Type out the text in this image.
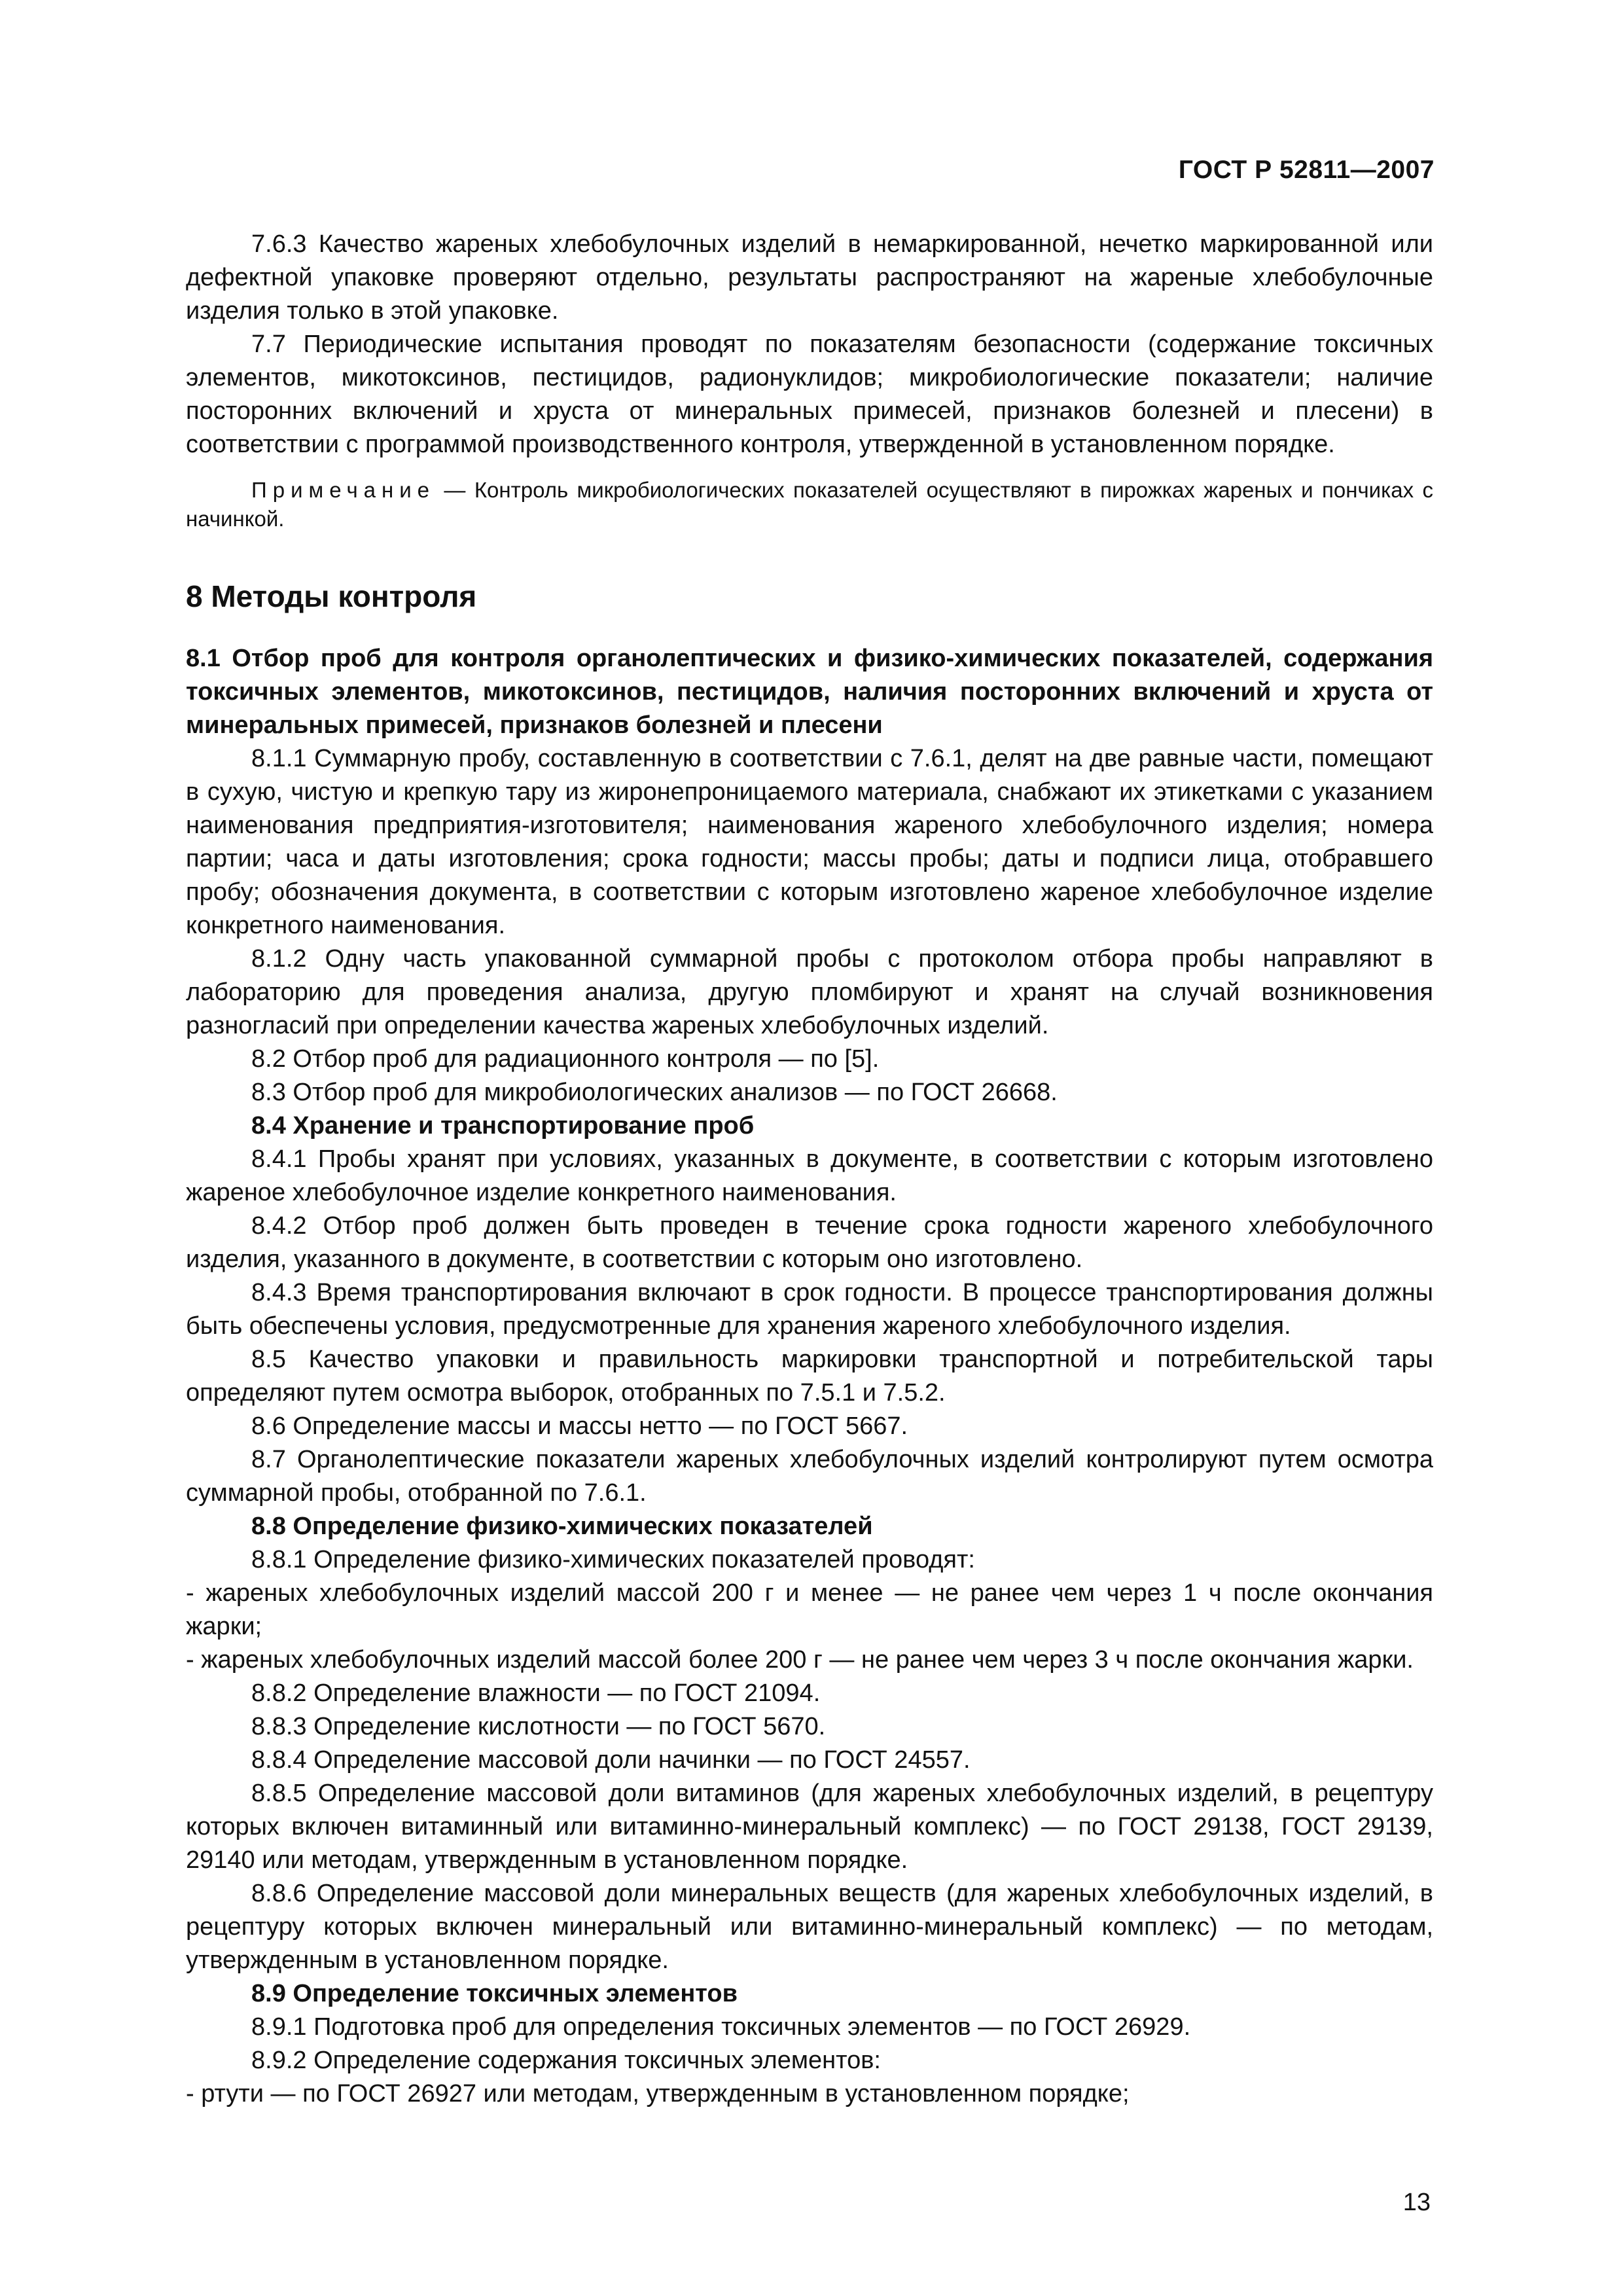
ГОСТ Р 52811—2007

7.6.3 Качество жареных хлебобулочных изделий в немаркированной, нечетко маркированной или дефектной упаковке проверяют отдельно, результаты распространяют на жареные хлебобулочные изделия только в этой упаковке.

7.7 Периодические испытания проводят по показателям безопасности (содержание токсичных элементов, микотоксинов, пестицидов, радионуклидов; микробиологические показатели; наличие посторонних включений и хруста от минеральных примесей, признаков болезней и плесени) в соответствии с программой производственного контроля, утвержденной в установленном порядке.

Примечание — Контроль микробиологических показателей осуществляют в пирожках жареных и пончиках с начинкой.

8 Методы контроля

8.1 Отбор проб для контроля органолептических и физико-химических показателей, содержания токсичных элементов, микотоксинов, пестицидов, наличия посторонних включений и хруста от минеральных примесей, признаков болезней и плесени

8.1.1 Суммарную пробу, составленную в соответствии с 7.6.1, делят на две равные части, помещают в сухую, чистую и крепкую тару из жиронепроницаемого материала, снабжают их этикетками с указанием наименования предприятия-изготовителя; наименования жареного хлебобулочного изделия; номера партии; часа и даты изготовления; срока годности; массы пробы; даты и подписи лица, отобравшего пробу; обозначения документа, в соответствии с которым изготовлено жареное хлебобулочное изделие конкретного наименования.

8.1.2 Одну часть упакованной суммарной пробы с протоколом отбора пробы направляют в лабораторию для проведения анализа, другую пломбируют и хранят на случай возникновения разногласий при определении качества жареных хлебобулочных изделий.

8.2 Отбор проб для радиационного контроля — по [5].

8.3 Отбор проб для микробиологических анализов — по ГОСТ 26668.

8.4 Хранение и транспортирование проб

8.4.1 Пробы хранят при условиях, указанных в документе, в соответствии с которым изготовлено жареное хлебобулочное изделие конкретного наименования.

8.4.2 Отбор проб должен быть проведен в течение срока годности жареного хлебобулочного изделия, указанного в документе, в соответствии с которым оно изготовлено.

8.4.3 Время транспортирования включают в срок годности. В процессе транспортирования должны быть обеспечены условия, предусмотренные для хранения жареного хлебобулочного изделия.

8.5 Качество упаковки и правильность маркировки транспортной и потребительской тары определяют путем осмотра выборок, отобранных по 7.5.1 и 7.5.2.

8.6 Определение массы и массы нетто — по ГОСТ 5667.

8.7 Органолептические показатели жареных хлебобулочных изделий контролируют путем осмотра суммарной пробы, отобранной по 7.6.1.

8.8 Определение физико-химических показателей

8.8.1 Определение физико-химических показателей проводят:

- жареных хлебобулочных изделий массой 200 г и менее — не ранее чем через 1 ч после окончания жарки;

- жареных хлебобулочных изделий массой более 200 г — не ранее чем через 3 ч после окончания жарки.

8.8.2 Определение влажности — по ГОСТ 21094.

8.8.3 Определение кислотности — по ГОСТ 5670.

8.8.4 Определение массовой доли начинки — по ГОСТ 24557.

8.8.5 Определение массовой доли витаминов (для жареных хлебобулочных изделий, в рецептуру которых включен витаминный или витаминно-минеральный комплекс) — по ГОСТ 29138, ГОСТ 29139, 29140 или методам, утвержденным в установленном порядке.

8.8.6 Определение массовой доли минеральных веществ (для жареных хлебобулочных изделий, в рецептуру которых включен минеральный или витаминно-минеральный комплекс) — по методам, утвержденным в установленном порядке.

8.9 Определение токсичных элементов

8.9.1 Подготовка проб для определения токсичных элементов — по ГОСТ 26929.

8.9.2 Определение содержания токсичных элементов:

- ртути — по ГОСТ 26927 или методам, утвержденным в установленном порядке;

13
